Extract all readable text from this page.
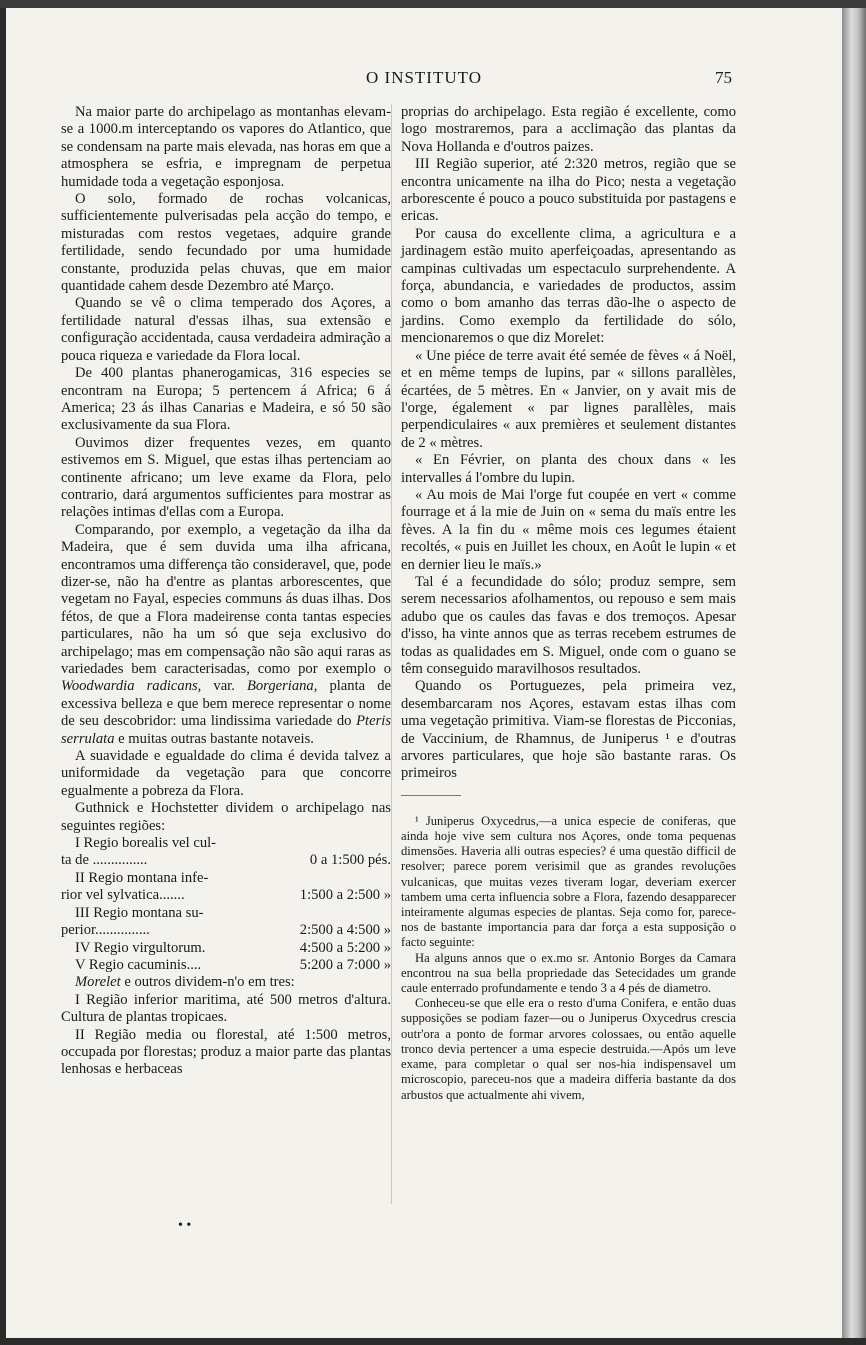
O INSTITUTO	75

Na maior parte do archipelago as montanhas elevam-se a 1000.m interceptando os vapores do Atlantico, que se condensam na parte mais elevada, nas horas em que a atmosphera se esfria, e impregnam de perpetua humidade toda a vegetação esponjosa.

O solo, formado de rochas volcanicas, sufficientemente pulverisadas pela acção do tempo, e misturadas com restos vegetaes, adquire grande fertilidade, sendo fecundado por uma humidade constante, produzida pelas chuvas, que em maior quantidade cahem desde Dezembro até Março.

Quando se vê o clima temperado dos Açores, a fertilidade natural d'essas ilhas, sua extensão e configuração accidentada, causa verdadeira admiração a pouca riqueza e variedade da Flora local.

De 400 plantas phanerogamicas, 316 especies se encontram na Europa; 5 pertencem á Africa; 6 á America; 23 ás ilhas Canarias e Madeira, e só 50 são exclusivamente da sua Flora.

Ouvimos dizer frequentes vezes, em quanto estivemos em S. Miguel, que estas ilhas pertenciam ao continente africano; um leve exame da Flora, pelo contrario, dará argumentos sufficientes para mostrar as relações intimas d'ellas com a Europa.

Comparando, por exemplo, a vegetação da ilha da Madeira, que é sem duvida uma ilha africana, encontramos uma differença tão consideravel, que, pode dizer-se, não ha d'entre as plantas arborescentes, que vegetam no Fayal, especies communs ás duas ilhas. Dos fétos, de que a Flora madeirense conta tantas especies particulares, não ha um só que seja exclusivo do archipelago; mas em compensação não são aqui raras as variedades bem caracterisadas, como por exemplo o Woodwardia radicans, var. Borgeriana, planta de excessiva belleza e que bem merece representar o nome de seu descobridor: uma lindissima variedade do Pteris serrulata e muitas outras bastante notaveis.

A suavidade e egualdade do clima é devida talvez a uniformidade da vegetação para que concorre egualmente a pobreza da Flora.

Guthnick e Hochstetter dividem o archipelago nas seguintes regiões:

I Regio borealis vel cul-
ta de ...............	0 a 1:500 pés.
II Regio montana infe-
rior vel sylvatica.......	1:500 a 2:500 »
III Regio montana su-
perior...............	2:500 a 4:500 »
IV Regio virgultorum.	4:500 a 5:200 »
V Regio cacuminis....	5:200 a 7:000 »

Morelet e outros dividem-n'o em tres:

I Região inferior maritima, até 500 metros d'altura. Cultura de plantas tropicaes.

II Região media ou florestal, até 1:500 metros, occupada por florestas; produz a maior parte das plantas lenhosas e herbaceas

proprias do archipelago. Esta região é excellente, como logo mostraremos, para a acclimação das plantas da Nova Hollanda e d'outros paizes.

III Região superior, até 2:320 metros, região que se encontra unicamente na ilha do Pico; nesta a vegetação arborescente é pouco a pouco substituida por pastagens e ericas.

Por causa do excellente clima, a agricultura e a jardinagem estão muito aperfeiçoadas, apresentando as campinas cultivadas um espectaculo surprehendente. A força, abundancia, e variedades de productos, assim como o bom amanho das terras dão-lhe o aspecto de jardins. Como exemplo da fertilidade do sólo, mencionaremos o que diz Morelet:

« Une piéce de terre avait été semée de fèves « á Noël, et en même temps de lupins, par « sillons parallèles, écartées, de 5 mètres. En « Janvier, on y avait mis de l'orge, également « par lignes parallèles, mais perpendiculaires « aux premières et seulement distantes de 2 « mètres.

« En Février, on planta des choux dans « les intervalles á l'ombre du lupin.

« Au mois de Mai l'orge fut coupée en vert « comme fourrage et á la mie de Juin on « sema du maïs entre les fèves. A la fin du « même mois ces legumes étaient recoltés, « puis en Juillet les choux, en Août le lupin « et en dernier lieu le maïs.»

Tal é a fecundidade do sólo; produz sempre, sem serem necessarios afolhamentos, ou repouso e sem mais adubo que os caules das favas e dos tremoços. Apesar d'isso, ha vinte annos que as terras recebem estrumes de todas as qualidades em S. Miguel, onde com o guano se têm conseguido maravilhosos resultados.

Quando os Portuguezes, pela primeira vez, desembarcaram nos Açores, estavam estas ilhas com uma vegetação primitiva. Viam-se florestas de Picconias, de Vaccinium, de Rhamnus, de Juniperus ¹ e d'outras arvores particulares, que hoje são bastante raras. Os primeiros

¹ Juniperus Oxycedrus,—a unica especie de coniferas, que ainda hoje vive sem cultura nos Açores, onde toma pequenas dimensões. Haveria alli outras especies? é uma questão difficil de resolver; parece porem verisimil que as grandes revoluções vulcanicas, que muitas vezes tiveram logar, deveriam exercer tambem uma certa influencia sobre a Flora, fazendo desapparecer inteiramente algumas especies de plantas. Seja como for, parece-nos de bastante importancia para dar força a esta supposição o facto seguinte:

Ha alguns annos que o ex.mo sr. Antonio Borges da Camara encontrou na sua bella propriedade das Setecidades um grande caule enterrado profundamente e tendo 3 a 4 pés de diametro.

Conheceu-se que elle era o resto d'uma Conifera, e então duas supposições se podiam fazer—ou o Juniperus Oxycedrus crescia outr'ora a ponto de formar arvores colossaes, ou então aquelle tronco devia pertencer a uma especie destruida.—Após um leve exame, para completar o qual ser nos-hia indispensavel um microscopio, pareceu-nos que a madeira differia bastante da dos arbustos que actualmente ahi vivem,

• •
